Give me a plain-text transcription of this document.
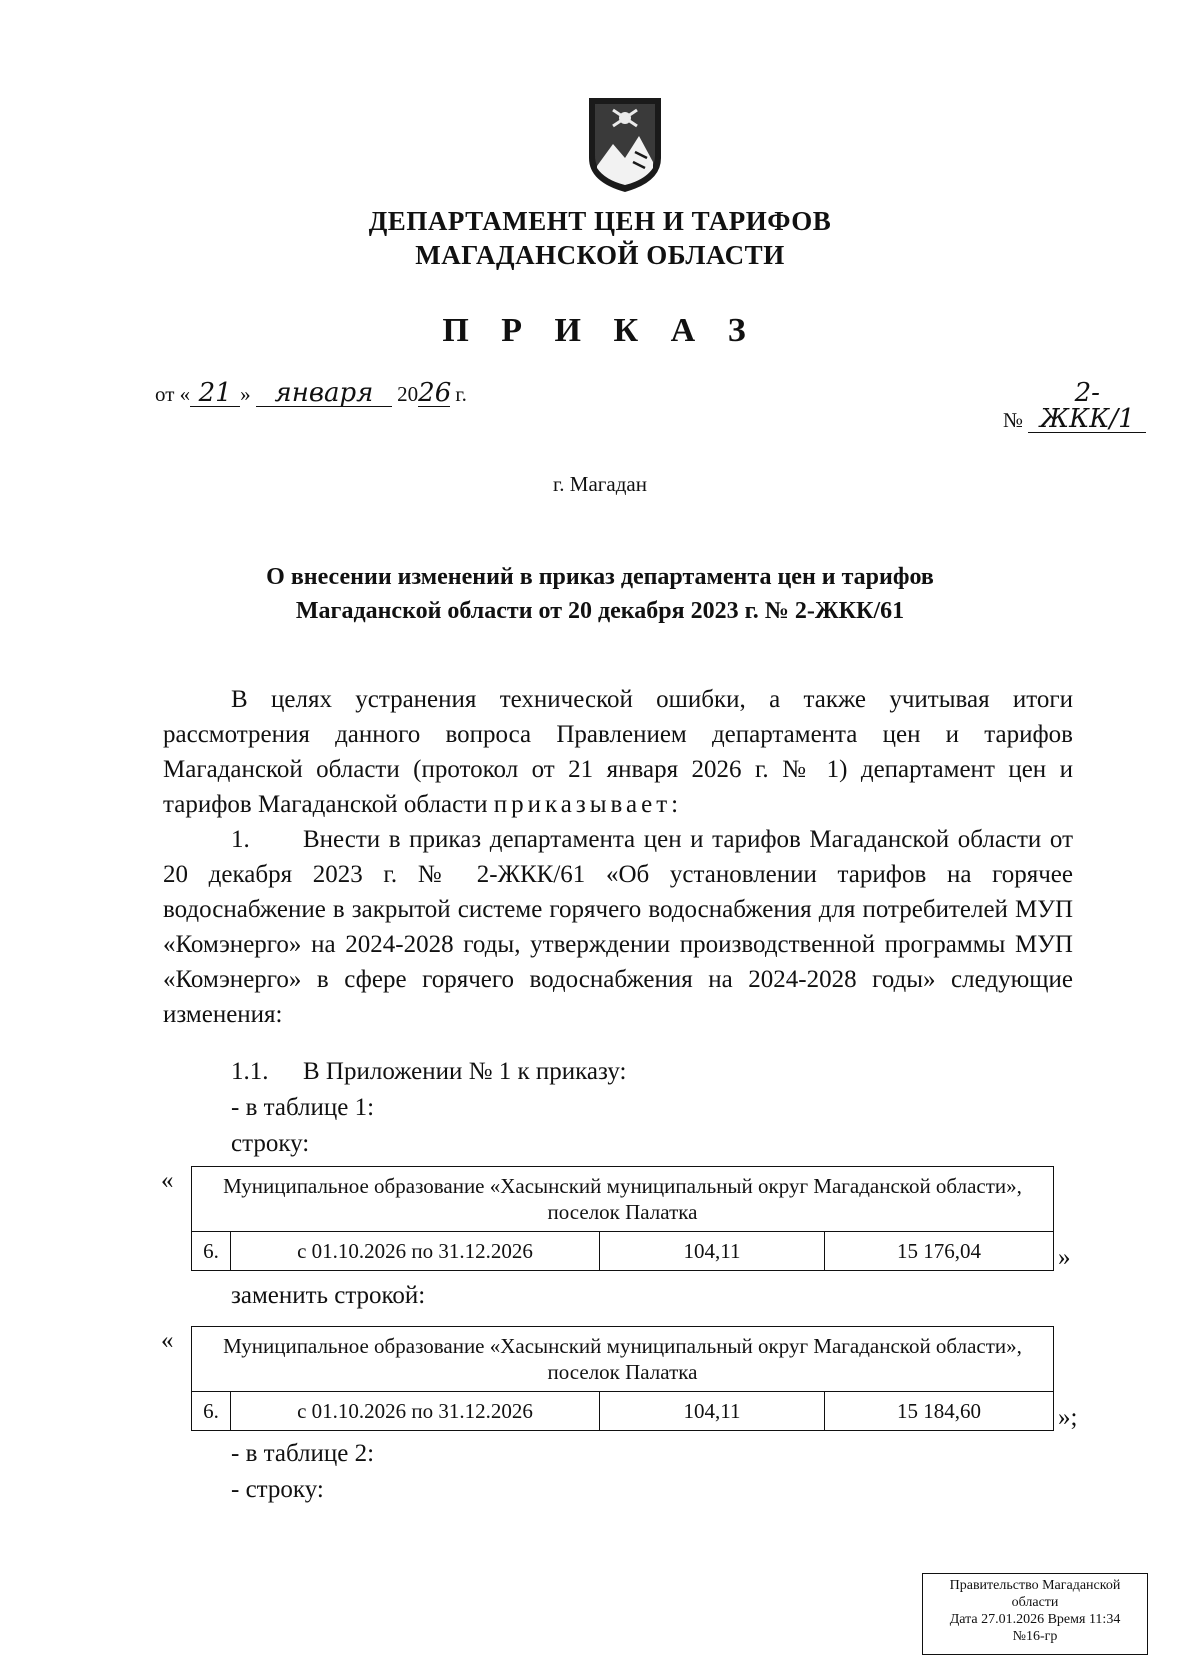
ДЕПАРТАМЕНТ ЦЕН И ТАРИФОВ
МАГАДАНСКОЙ ОБЛАСТИ
П Р И К А З
от « 21 » января 2026 г.
№ 2-ЖКК/1
г. Магадан
О внесении изменений в приказ департамента цен и тарифов
Магаданской области от 20 декабря 2023 г. № 2-ЖКК/61

В целях устранения технической ошибки, а также учитывая итоги рассмотрения данного вопроса Правлением департамента цен и тарифов Магаданской области (протокол от 21 января 2026 г. № 1) департамент цен и тарифов Магаданской области приказывает:

1. Внести в приказ департамента цен и тарифов Магаданской области от 20 декабря 2023 г. № 2-ЖКК/61 «Об установлении тарифов на горячее водоснабжение в закрытой системе горячего водоснабжения для потребителей МУП «Комэнерго» на 2024-2028 годы, утверждении производственной программы МУП «Комэнерго» в сфере горячего водоснабжения на 2024-2028 годы» следующие изменения:

1.1. В Приложении № 1 к приказу:
- в таблице 1:
строку:
« Муниципальное образование «Хасынский муниципальный округ Магаданской области», поселок Палатка
6.	с 01.10.2026 по 31.12.2026	104,11	15 176,04	»
заменить строкой:
« Муниципальное образование «Хасынский муниципальный округ Магаданской области», поселок Палатка
6.	с 01.10.2026 по 31.12.2026	104,11	15 184,60	»;
- в таблице 2:
- строку:
Правительство Магаданской
области
Дата 27.01.2026 Время 11:34
№16-гр
